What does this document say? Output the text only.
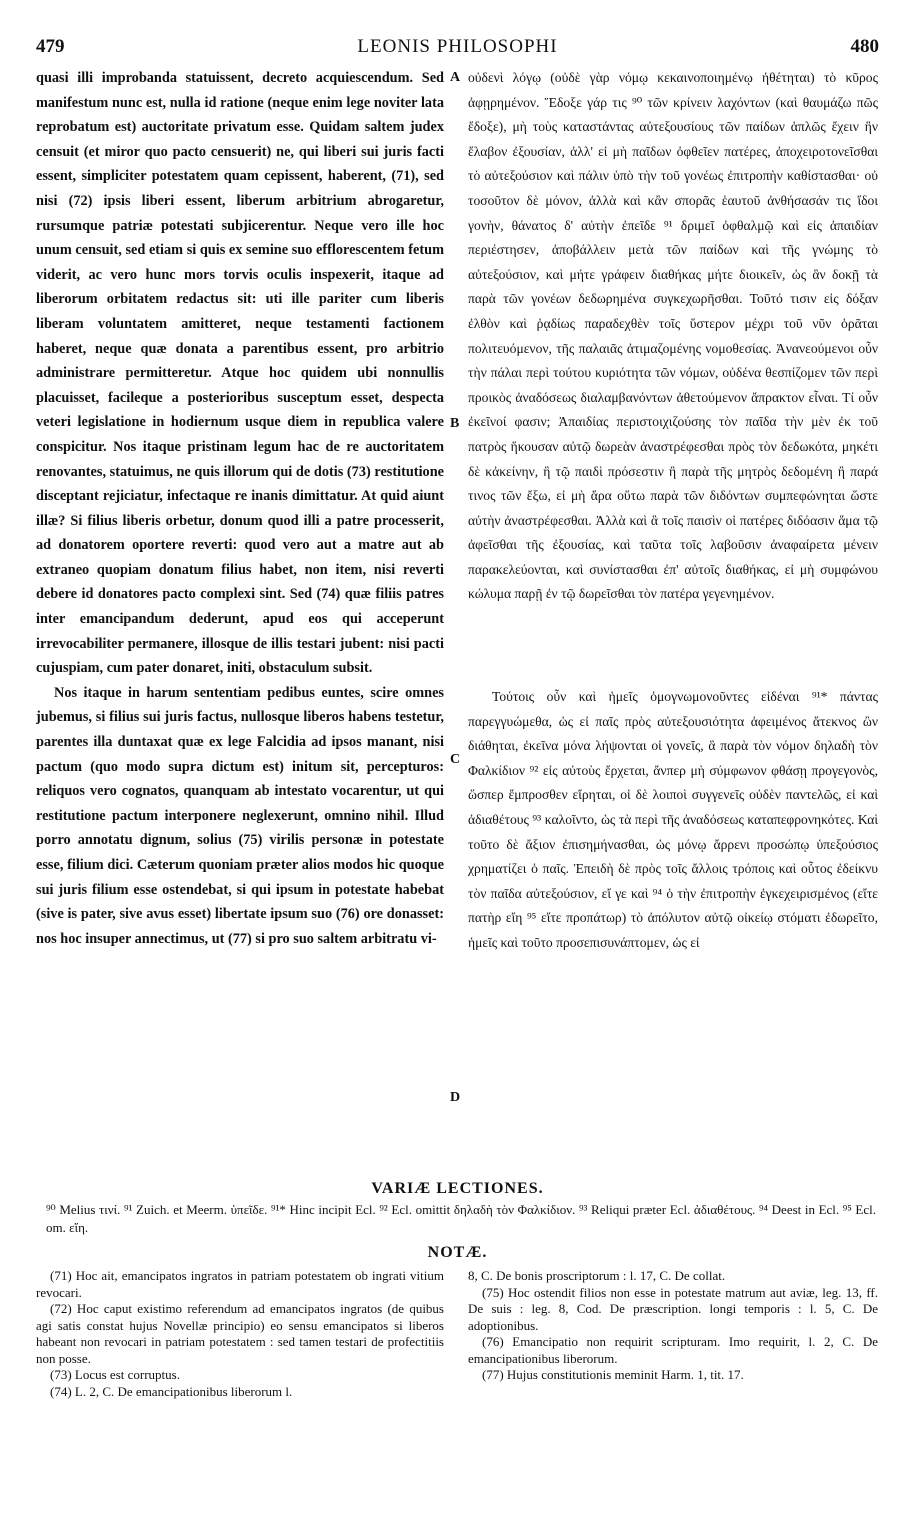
479	LEONIS PHILOSOPHI	480

quasi illi improbanda statuissent, decreto acquiescendum. Sed manifestum nunc est, nulla id ratione (neque enim lege noviter lata reprobatum est) auctoritate privatum esse. Quidam saltem judex censuit (et miror quo pacto censuerit) ne, qui liberi sui juris facti essent, simpliciter potestatem quam cepissent, haberent, (71), sed nisi (72) ipsis liberi essent, liberum arbitrium abrogaretur, rursumque patriæ potestati subjicerentur. Neque vero ille hoc unum censuit, sed etiam si quis ex semine suo efflorescentem fetum viderit, ac vero hunc mors torvis oculis inspexerit, itaque ad liberorum orbitatem redactus sit: uti ille pariter cum liberis liberam voluntatem amitteret, neque testamenti factionem haberet, neque quæ donata a parentibus essent, pro arbitrio administrare permitteretur. Atque hoc quidem ubi nonnullis placuisset, facileque a posterioribus susceptum esset, despecta veteri legislatione in hodiernum usque diem in republica valere conspicitur. Nos itaque pristinam legum hac de re auctoritatem renovantes, statuimus, ne quis illorum qui de dotis (73) restitutione disceptant rejiciatur, infectaque re inanis dimittatur. At quid aiunt illæ? Si filius liberis orbetur, donum quod illi a patre processerit, ad donatorem oportere reverti: quod vero aut a matre aut ab extraneo quopiam donatum filius habet, non item, nisi reverti debere id donatores pacto complexi sint. Sed (74) quæ filiis patres inter emancipandum dederunt, apud eos qui acceperunt irrevocabiliter permanere, illosque de illis testari jubent: nisi pacti cujuspiam, cum pater donaret, initi, obstaculum subsit.

Nos itaque in harum sententiam pedibus euntes, scire omnes jubemus, si filius sui juris factus, nullosque liberos habens testetur, parentes illa duntaxat quæ ex lege Falcidia ad ipsos manant, nisi pactum (quo modo supra dictum est) initum sit, percepturos: reliquos vero cognatos, quanquam ab intestato vocarentur, ut qui restitutione pactum interponere neglexerunt, omnino nihil. Illud porro annotatu dignum, solius (75) virilis personæ in potestate esse, filium dici. Cæterum quoniam præter alios modos hic quoque sui juris filium esse ostendebat, si qui ipsum in potestate habebat (sive is pater, sive avus esset) libertate ipsum suo (76) ore donasset: nos hoc insuper annectimus, ut (77) si pro suo saltem arbitratu vi-

A
B
C
D

οὐδενὶ λόγῳ (οὐδὲ γὰρ νόμῳ κεκαινοποιημένῳ ἠθέτηται) τὸ κῦρος ἀφῃρημένον. Ἔδοξε γάρ τις ⁹⁰ τῶν κρίνειν λαχόντων (καὶ θαυμάζω πῶς ἔδοξε), μὴ τοὺς καταστάντας αὐτεξουσίους τῶν παίδων ἁπλῶς ἔχειν ἣν ἔλαβον ἐξουσίαν, ἀλλ' εἰ μὴ παῖδων ὀφθεῖεν πατέρες, ἀποχειροτονεῖσθαι τὸ αὐτεξούσιον καὶ πάλιν ὑπὸ τὴν τοῦ γονέως ἐπιτροπὴν καθίστασθαι· οὐ τοσοῦτον δὲ μόνον, ἀλλὰ καὶ κἂν σπορᾶς ἑαυτοῦ ἀνθήσασάν τις ἴδοι γονὴν, θάνατος δ' αὐτὴν ἐπεῖδε ⁹¹ δριμεῖ ὀφθαλμῷ καὶ εἰς ἀπαιδίαν περιέστησεν, ἀποβάλλειν μετὰ τῶν παίδων καὶ τῆς γνώμης τὸ αὐτεξούσιον, καὶ μήτε γράφειν διαθήκας μήτε διοικεῖν, ὡς ἂν δοκῇ τὰ παρὰ τῶν γονέων δεδωρημένα συγκεχωρῆσθαι. Τοῦτό τισιν εἰς δόξαν ἐλθὸν καὶ ῥᾳδίως παραδεχθὲν τοῖς ὕστερον μέχρι τοῦ νῦν ὁρᾶται πολιτευόμενον, τῆς παλαιᾶς ἀτιμαζομένης νομοθεσίας. Ἀνανεούμενοι οὖν τὴν πάλαι περὶ τούτου κυριότητα τῶν νόμων, οὐδένα θεσπίζομεν τῶν περὶ προικὸς ἀναδόσεως διαλαμβανόντων ἀθετούμενον ἄπρακτον εἶναι. Τί οὖν ἐκεῖνοί φασιν; Ἀπαιδίας περιστοιχιζούσης τὸν παῖδα τὴν μὲν ἐκ τοῦ πατρὸς ἥκουσαν αὐτῷ δωρεὰν ἀναστρέφεσθαι πρὸς τὸν δεδωκότα, μηκέτι δὲ κἀκείνην, ἣ τῷ παιδὶ πρόσεστιν ἢ παρὰ τῆς μητρὸς δεδομένη ἢ παρά τινος τῶν ἔξω, εἰ μὴ ἄρα οὕτω παρὰ τῶν διδόντων συμπεφώνηται ὥστε αὐτὴν ἀναστρέφεσθαι. Ἀλλὰ καὶ ἃ τοῖς παισὶν οἱ πατέρες διδόασιν ἅμα τῷ ἀφεῖσθαι τῆς ἐξουσίας, καὶ ταῦτα τοῖς λαβοῦσιν ἀναφαίρετα μένειν παρακελεύονται, καὶ συνίστασθαι ἐπ' αὐτοῖς διαθήκας, εἰ μὴ συμφώνου κώλυμα παρῇ ἐν τῷ δωρεῖσθαι τὸν πατέρα γεγενημένον.

Τούτοις οὖν καὶ ἡμεῖς ὁμογνωμονοῦντες εἰδέναι ⁹¹* πάντας παρεγγυώμεθα, ὡς εἰ παῖς πρὸς αὐτεξουσιότητα ἀφειμένος ἄτεκνος ὢν διάθηται, ἐκεῖνα μόνα λήψονται οἱ γονεῖς, ἃ παρὰ τὸν νόμον δηλαδὴ τὸν Φαλκίδιον ⁹² εἰς αὐτοὺς ἔρχεται, ἄνπερ μὴ σύμφωνον φθάσῃ προγεγονὸς, ὥσπερ ἔμπροσθεν εἴρηται, οἱ δὲ λοιποὶ συγγενεῖς οὐδὲν παντελῶς, εἰ καὶ ἀδιαθέτους ⁹³ καλοῖντο, ὡς τὰ περὶ τῆς ἀναδόσεως καταπεφρονηκότες. Καὶ τοῦτο δὲ ἄξιον ἐπισημήνασθαι, ὡς μόνῳ ἄρρενι προσώπῳ ὑπεξούσιος χρηματίζει ὁ παῖς. Ἐπειδὴ δὲ πρὸς τοῖς ἄλλοις τρόποις καὶ οὗτος ἐδείκνυ τὸν παῖδα αὐτεξούσιον, εἴ γε καὶ ⁹⁴ ὁ τὴν ἐπιτροπὴν ἐγκεχειρισμένος (εἴτε πατὴρ εἴη ⁹⁵ εἴτε προπάτωρ) τὸ ἀπόλυτον αὐτῷ οἰκείῳ στόματι ἐδωρεῖτο, ἡμεῖς καὶ τοῦτο προσεπισυνάπτομεν, ὡς εἰ

VARIÆ LECTIONES.
⁹⁰ Melius τινί. ⁹¹ Zuich. et Meerm. ὑπεῖδε. ⁹¹* Hinc incipit Ecl. ⁹² Ecl. omittit δηλαδὴ τὸν Φαλκίδιον. ⁹³ Reliqui præter Ecl. ἀδιαθέτους. ⁹⁴ Deest in Ecl. ⁹⁵ Ecl. om. εἴη.
NOTÆ.

(71) Hoc ait, emancipatos ingratos in patriam potestatem ob ingrati vitium revocari.

(72) Hoc caput existimo referendum ad emancipatos ingratos (de quibus agi satis constat hujus Novellæ principio) eo sensu emancipatos si liberos habeant non revocari in patriam potestatem : sed tamen testari de profectitiis non posse.

(73) Locus est corruptus.

(74) L. 2, C. De emancipationibus liberorum l.

8, C. De bonis proscriptorum : l. 17, C. De collat.

(75) Hoc ostendit filios non esse in potestate matrum aut aviæ, leg. 13, ff. De suis : leg. 8, Cod. De præscription. longi temporis : l. 5, C. De adoptionibus.

(76) Emancipatio non requirit scripturam. Imo requirit, l. 2, C. De emancipationibus liberorum.

(77) Hujus constitutionis meminit Harm. 1, tit. 17.
